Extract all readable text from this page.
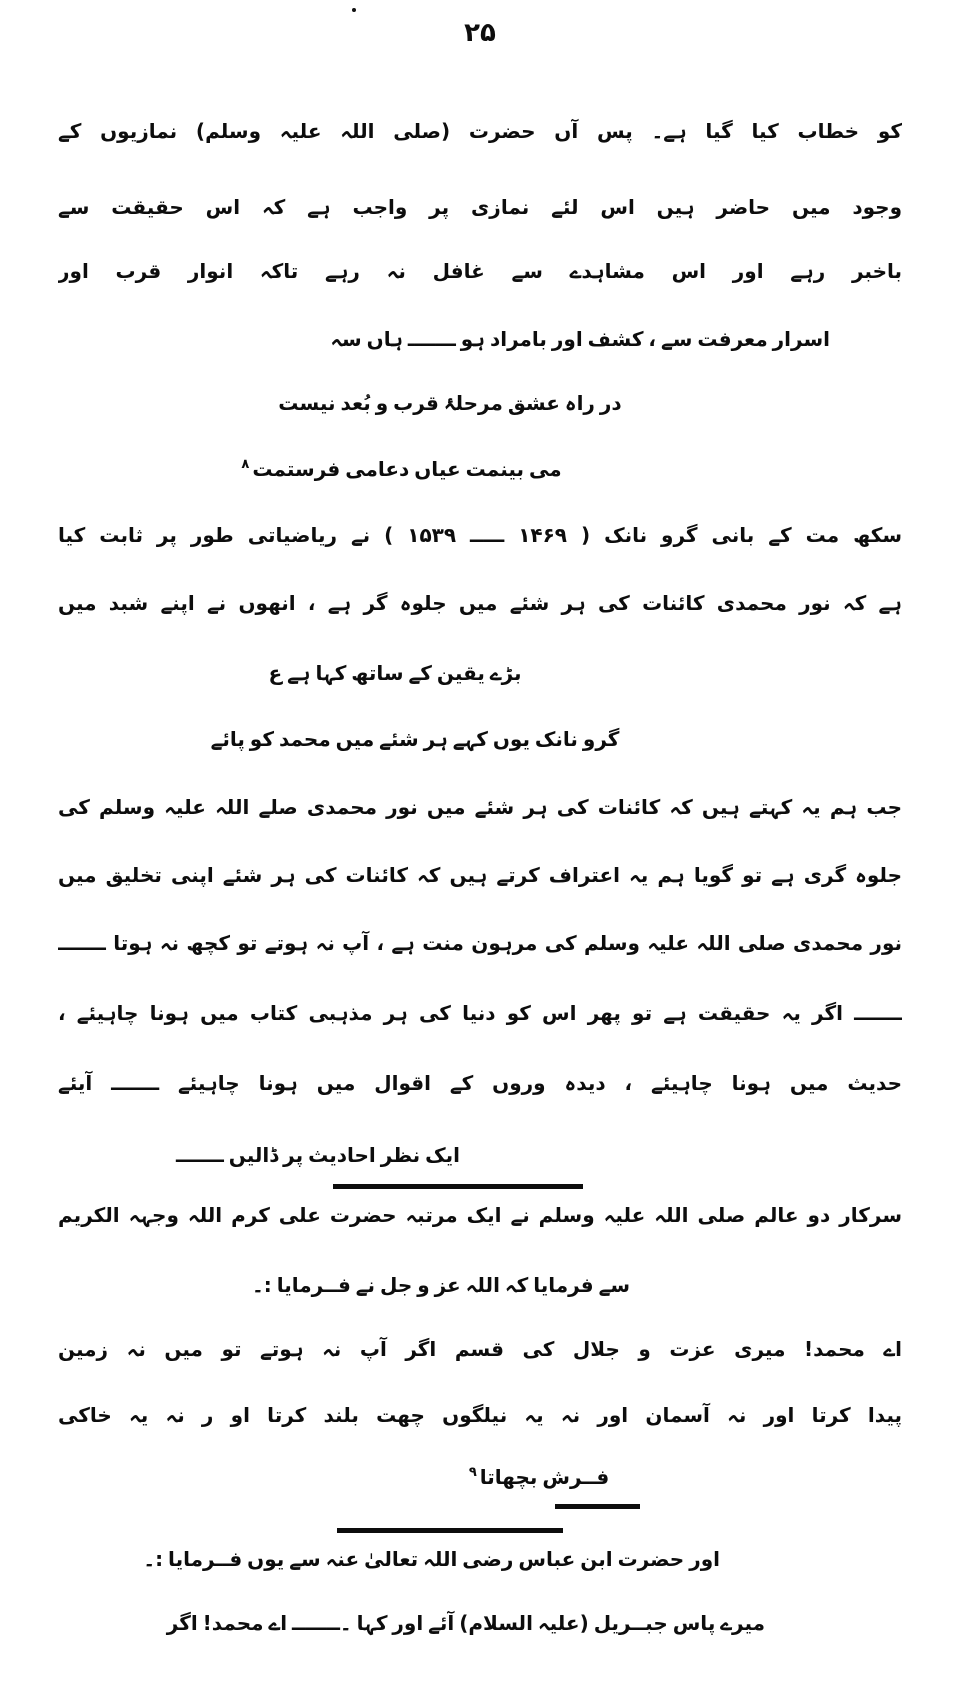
۲۵
کو خطاب کیا گیا ہے۔ پس آں حضرت (صلی اللہ علیہ وسلم) نمازیوں کے
وجود میں حاضر ہیں اس لئے نمازی پر واجب ہے کہ اس حقیقت سے
باخبر رہے اور اس مشاہدے سے غافل نہ رہے تاکہ انوار قرب اور
اسرار معرفت سے ، کشف اور بامراد ہو ـــــــ ہاں سہ
در راہ عشق مرحلۂ قرب و بُعد نیست
می بینمت عیاں دعامی فرستمت$^۸$
سکھ مت کے بانی گرو نانک ( ۱۴۶۹ ـــــ ۱۵۳۹ ) نے ریاضیاتی طور پر ثابت کیا
ہے کہ نور محمدی کائنات کی ہر شئے میں جلوہ گر ہے ، انھوں نے اپنے شبد میں
بڑے یقین کے ساتھ کہا ہے ع
گرو نانک یوں کہے ہر شئے میں محمد کو پائے
جب ہم یہ کہتے ہیں کہ کائنات کی ہر شئے میں نور محمدی صلے اللہ علیہ وسلم کی
جلوہ گری ہے تو گویا ہم یہ اعتراف کرتے ہیں کہ کائنات کی ہر شئے اپنی تخلیق میں
نور محمدی صلی اللہ علیہ وسلم کی مرہون منت ہے ، آپ نہ ہوتے تو کچھ نہ ہوتا ـــــــ
ـــــــ اگر یہ حقیقت ہے تو پھر اس کو دنیا کی ہر مذہبی کتاب میں ہونا چاہیئے ،
حدیث میں ہونا چاہیئے ، دیدہ وروں کے اقوال میں ہونا چاہیئے ـــــــ آیئے
ایک نظر احادیث پر ڈالیں ـــــــ
سرکار دو عالم صلی اللہ علیہ وسلم نے ایک مرتبہ حضرت علی کرم اللہ وجہہ الکریم
سے فرمایا کہ اللہ عز و جل نے فــرمایا :۔
اے محمد! میری عزت و جلال کی قسم اگر آپ نہ ہوتے تو میں نہ زمین
پیدا کرتا اور نہ آسمان اور نہ یہ نیلگوں چھت بلند کرتا او ر نہ یہ خاکی
فــرش بچھاتا$^۹$
اور حضرت ابن عباس رضی اللہ تعالیٰ عنہ سے یوں فــرمایا :۔
میرے پاس جبــریل (علیہ السلام) آئے اور کہا ۔ـــــــ اے محمد! اگر
